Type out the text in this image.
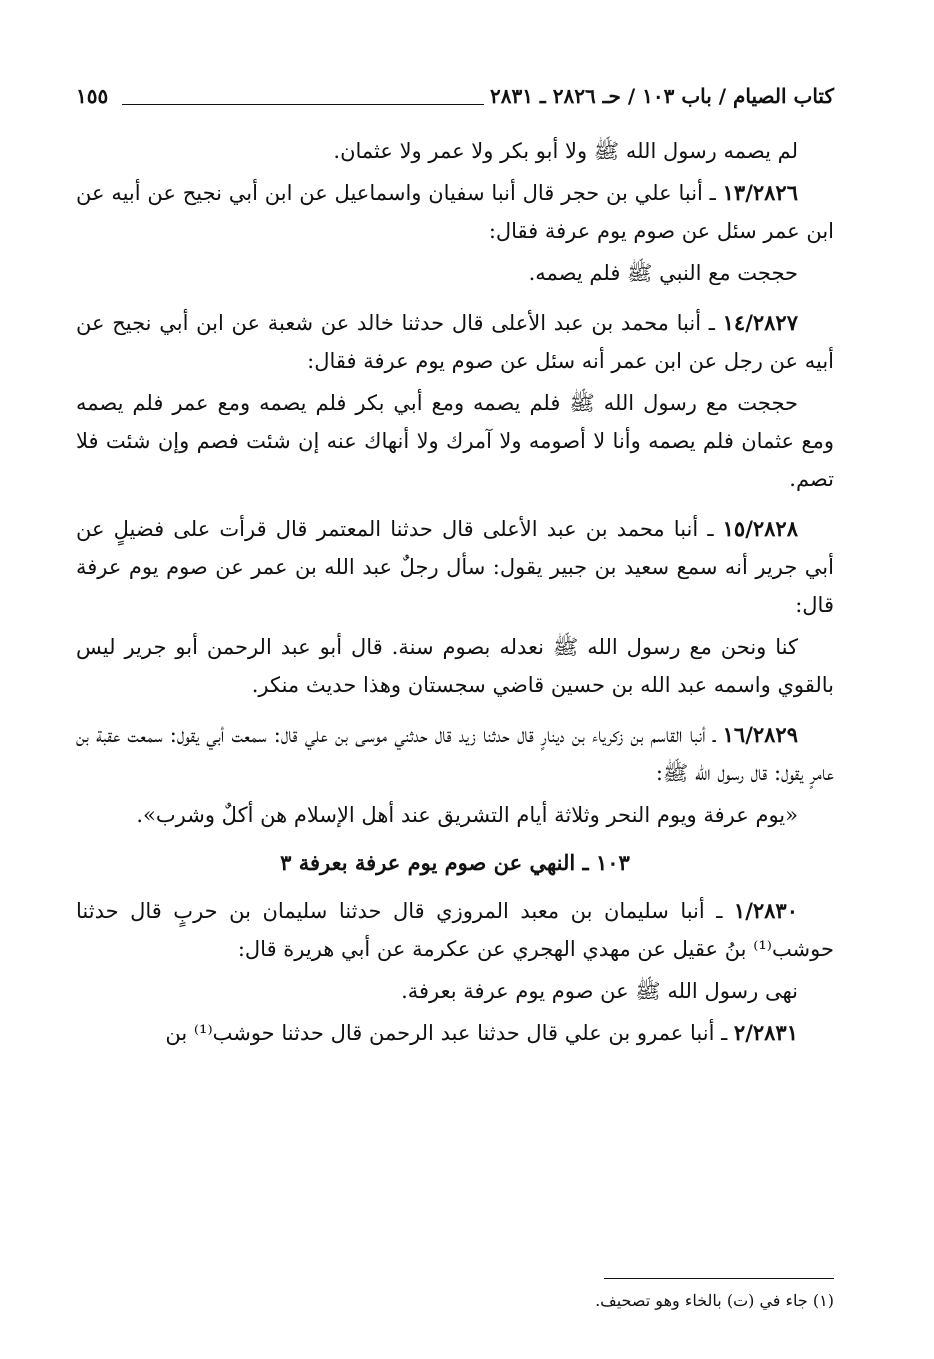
كتاب الصيام / باب ١٠٣ / حـ ٢٨٢٦ ـ ٢٨٣١
١٥٥

لم يصمه رسول الله ﷺ ولا أبو بكر ولا عمر ولا عثمان.

١٣/٢٨٢٦ ـ أنبا علي بن حجر قال أنبا سفيان واسماعيل عن ابن أبي نجيح عن أبيه عن ابن عمر سئل عن صوم يوم عرفة فقال:

حججت مع النبي ﷺ فلم يصمه.

١٤/٢٨٢٧ ـ أنبا محمد بن عبد الأعلى قال حدثنا خالد عن شعبة عن ابن أبي نجيح عن أبيه عن رجل عن ابن عمر أنه سئل عن صوم يوم عرفة فقال:

حججت مع رسول الله ﷺ فلم يصمه ومع أبي بكر فلم يصمه ومع عمر فلم يصمه ومع عثمان فلم يصمه وأنا لا أصومه ولا آمرك ولا أنهاك عنه إن شئت فصم وإن شئت فلا تصم.

١٥/٢٨٢٨ ـ أنبا محمد بن عبد الأعلى قال حدثنا المعتمر قال قرأت على فضيلٍ عن أبي جرير أنه سمع سعيد بن جبير يقول: سأل رجلٌ عبد الله بن عمر عن صوم يوم عرفة قال:

كنا ونحن مع رسول الله ﷺ نعدله بصوم سنة. قال أبو عبد الرحمن أبو جرير ليس بالقوي واسمه عبد الله بن حسين قاضي سجستان وهذا حديث منكر.

١٦/٢٨٢٩ ـ أنبا القاسم بن زكرياء بن دينارٍ قال حدثنا زيد قال حدثني موسى بن علي قال: سمعت أبي يقول: سمعت عقبة بن عامرٍ يقول: قال رسول الله ﷺ:

«يوم عرفة ويوم النحر وثلاثة أيام التشريق عند أهل الإسلام هن أكلٌ وشرب».

١٠٣ ـ النهي عن صوم يوم عرفة بعرفة ٣

١/٢٨٣٠ ـ أنبا سليمان بن معبد المروزي قال حدثنا سليمان بن حربٍ قال حدثنا حوشب⁽¹⁾ بنُ عقيل عن مهدي الهجري عن عكرمة عن أبي هريرة قال:

نهى رسول الله ﷺ عن صوم يوم عرفة بعرفة.

٢/٢٨٣١ ـ أنبا عمرو بن علي قال حدثنا عبد الرحمن قال حدثنا حوشب⁽¹⁾ بن

(١) جاء في (ت) بالخاء وهو تصحيف.
